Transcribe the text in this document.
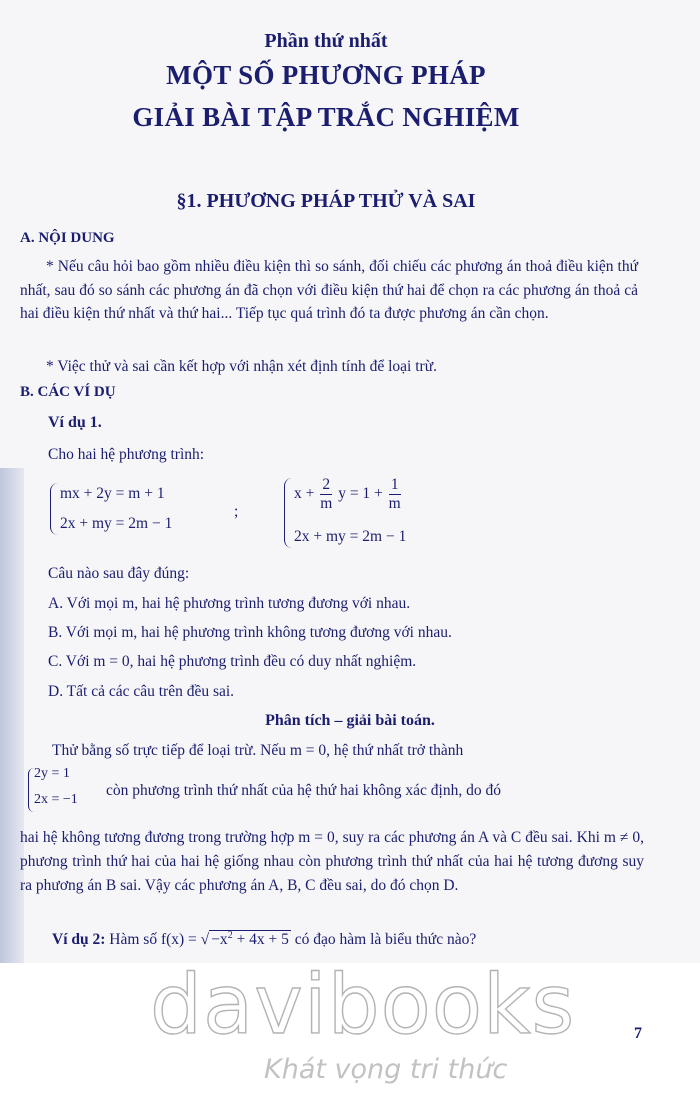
Phần thứ nhất

MỘT SỐ PHƯƠNG PHÁP

GIẢI BÀI TẬP TRẮC NGHIỆM

§1. PHƯƠNG PHÁP THỬ VÀ SAI

A. NỘI DUNG

* Nếu câu hỏi bao gồm nhiều điều kiện thì so sánh, đối chiếu các phương án thoả điều kiện thứ nhất, sau đó so sánh các phương án đã chọn với điều kiện thứ hai để chọn ra các phương án thoả cả hai điều kiện thứ nhất và thứ hai... Tiếp tục quá trình đó ta được phương án cần chọn.

* Việc thử và sai cần kết hợp với nhận xét định tính để loại trừ.

B. CÁC VÍ DỤ

Ví dụ 1.

Cho hai hệ phương trình:

mx + 2y = m + 1
2x + my = 2m − 1

;

$x + \frac{2}{m}$ $y = 1 + \frac{1}{m}$
2x + my = 2m − 1

Câu nào sau đây đúng:

A. Với mọi m, hai hệ phương trình tương đương với nhau.

B. Với mọi m, hai hệ phương trình không tương đương với nhau.

C. Với m = 0, hai hệ phương trình đều có duy nhất nghiệm.

D. Tất cả các câu trên đều sai.

Phân tích – giải bài toán.

Thử bằng số trực tiếp để loại trừ. Nếu m = 0, hệ thứ nhất trở thành

2y = 1
2x = −1

còn phương trình thứ nhất của hệ thứ hai không xác định, do đó

hai hệ không tương đương trong trường hợp m = 0, suy ra các phương án A và C đều sai. Khi m ≠ 0, phương trình thứ hai của hai hệ giống nhau còn phương trình thứ nhất của hai hệ tương đương suy ra phương án B sai. Vậy các phương án A, B, C đều sai, do đó chọn D.

Ví dụ 2: Hàm số f(x) = √ $-x^2 + 4x + 5$ có đạo hàm là biểu thức nào?
davibooks	7

Khát vọng tri thức
